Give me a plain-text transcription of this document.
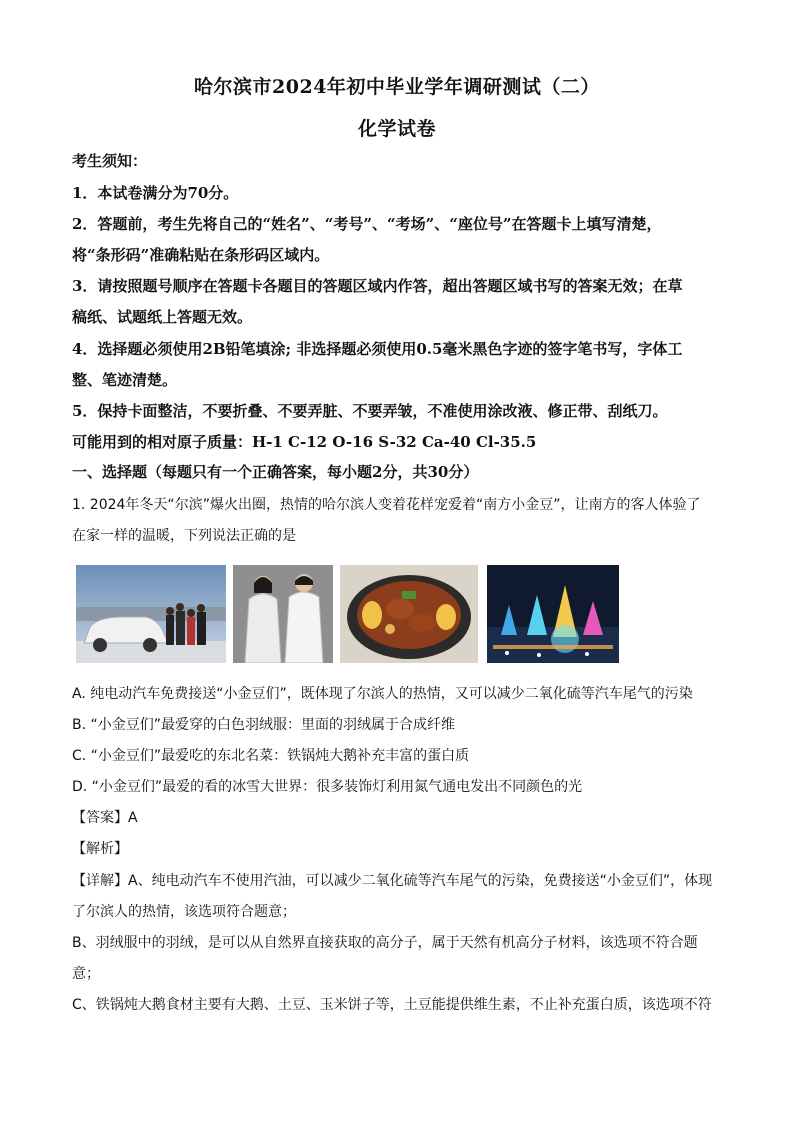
哈尔滨市2024年初中毕业学年调研测试（二）
化学试卷
考生须知：
1．本试卷满分为70分。
2．答题前，考生先将自己的“姓名”、“考号”、“考场”、“座位号”在答题卡上填写清楚，
将“条形码”准确粘贴在条形码区域内。
3．请按照题号顺序在答题卡各题目的答题区域内作答，超出答题区域书写的答案无效；在草
稿纸、试题纸上答题无效。
4．选择题必须使用2B铅笔填涂; 非选择题必须使用0.5毫米黑色字迹的签字笔书写，字体工
整、笔迹清楚。
5．保持卡面整洁，不要折叠、不要弄脏、不要弄皱，不准使用涂改液、修正带、刮纸刀。
可能用到的相对原子质量：H-1 C-12 O-16 S-32 Ca-40 Cl-35.5
一、选择题（每题只有一个正确答案，每小题2分，共30分）
1. 2024年冬天“尔滨”爆火出圈，热情的哈尔滨人变着花样宠爱着“南方小金豆”，让南方的客人体验了
在家一样的温暖，下列说法正确的是
A. 纯电动汽车免费接送“小金豆们”，既体现了尔滨人的热情，又可以减少二氧化硫等汽车尾气的污染
B. “小金豆们”最爱穿的白色羽绒服：里面的羽绒属于合成纤维
C. “小金豆们”最爱吃的东北名菜：铁锅炖大鹅补充丰富的蛋白质
D. “小金豆们”最爱的看的冰雪大世界：很多装饰灯利用氮气通电发出不同颜色的光
【答案】A
【解析】
【详解】A、纯电动汽车不使用汽油，可以减少二氧化硫等汽车尾气的污染，免费接送“小金豆们”，体现
了尔滨人的热情，该选项符合题意；
B、羽绒服中的羽绒，是可以从自然界直接获取的高分子，属于天然有机高分子材料，该选项不符合题
意；
C、铁锅炖大鹅食材主要有大鹅、土豆、玉米饼子等，土豆能提供维生素，不止补充蛋白质，该选项不符
